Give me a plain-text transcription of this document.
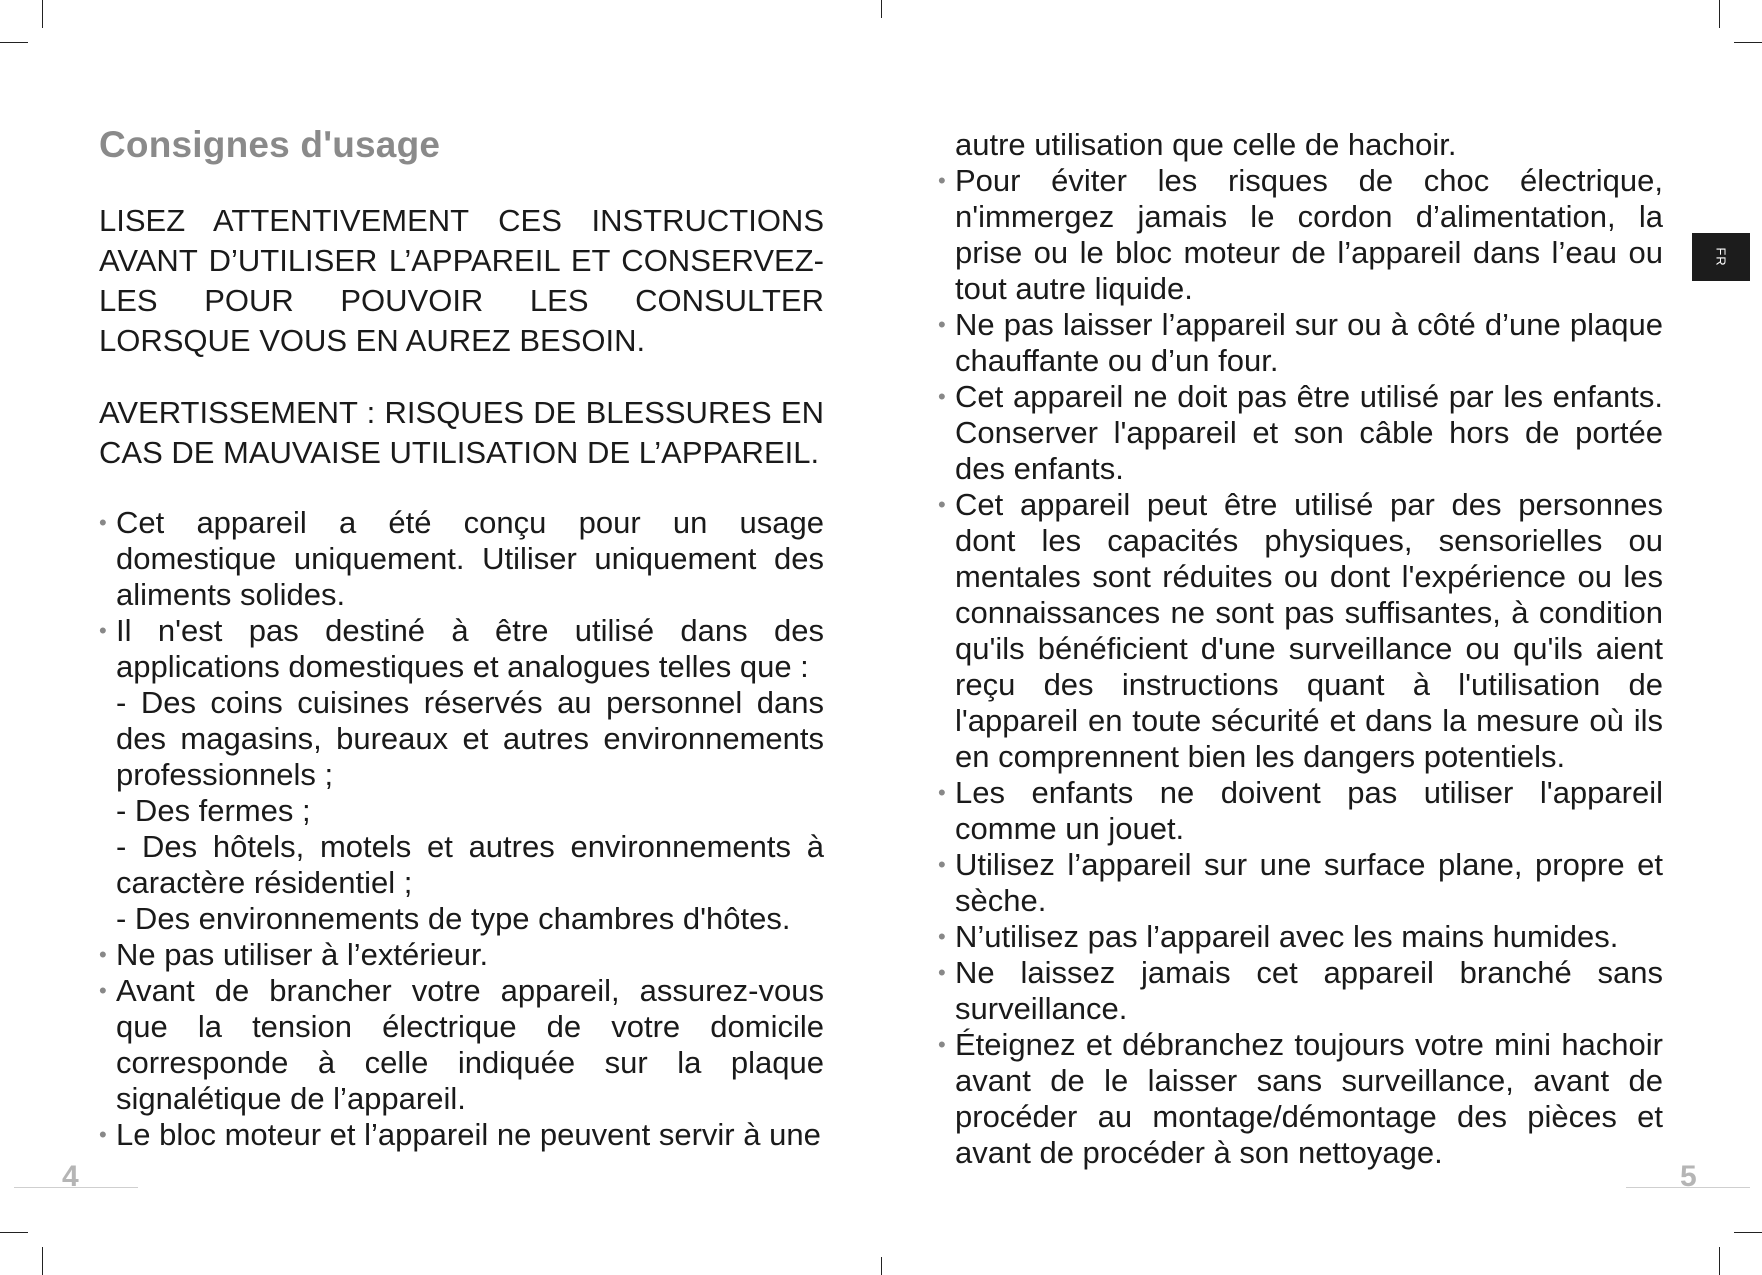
Consignes d'usage

LISEZ ATTENTIVEMENT CES INSTRUCTIONS AVANT D’UTILISER L’APPAREIL ET CONSERVEZ-LES POUR POUVOIR LES CONSULTER LORSQUE VOUS EN AUREZ BESOIN.

AVERTISSEMENT : RISQUES DE BLESSURES EN CAS DE MAUVAISE UTILISATION DE L’APPAREIL.

• Cet appareil a été conçu pour un usage domestique uniquement. Utiliser uniquement des aliments solides.
• Il n'est pas destiné à être utilisé dans des applications domestiques et analogues telles que :
- Des coins cuisines réservés au personnel dans des magasins, bureaux et autres environnements professionnels ;
- Des fermes ;
- Des hôtels, motels et autres environnements à caractère résidentiel ;
- Des environnements de type chambres d'hôtes.
• Ne pas utiliser à l’extérieur.
• Avant de brancher votre appareil, assurez-vous que la tension électrique de votre domicile corresponde à celle indiquée sur la plaque signalétique de l’appareil.
• Le bloc moteur et l’appareil ne peuvent servir à une
4
autre utilisation que celle de hachoir.
• Pour éviter les risques de choc électrique, n'immergez jamais le cordon d’alimentation, la prise ou le bloc moteur de l’appareil dans l’eau ou tout autre liquide.
• Ne pas laisser l’appareil sur ou à côté d’une plaque chauffante ou d’un four.
• Cet appareil ne doit pas être utilisé par les enfants. Conserver l'appareil et son câble hors de portée des enfants.
• Cet appareil peut être utilisé par des personnes dont les capacités physiques, sensorielles ou mentales sont réduites ou dont l'expérience ou les connaissances ne sont pas suffisantes, à condition qu'ils bénéficient d'une surveillance ou qu'ils aient reçu des instructions quant à l'utilisation de l'appareil en toute sécurité et dans la mesure où ils en comprennent bien les dangers potentiels.
• Les enfants ne doivent pas utiliser l'appareil comme un jouet.
• Utilisez l’appareil sur une surface plane, propre et sèche.
• N’utilisez pas l’appareil avec les mains humides.
• Ne laissez jamais cet appareil branché sans surveillance.
• Éteignez et débranchez toujours votre mini hachoir avant de le laisser sans surveillance, avant de procéder au montage/démontage des pièces et avant de procéder à son nettoyage.
FR
5
